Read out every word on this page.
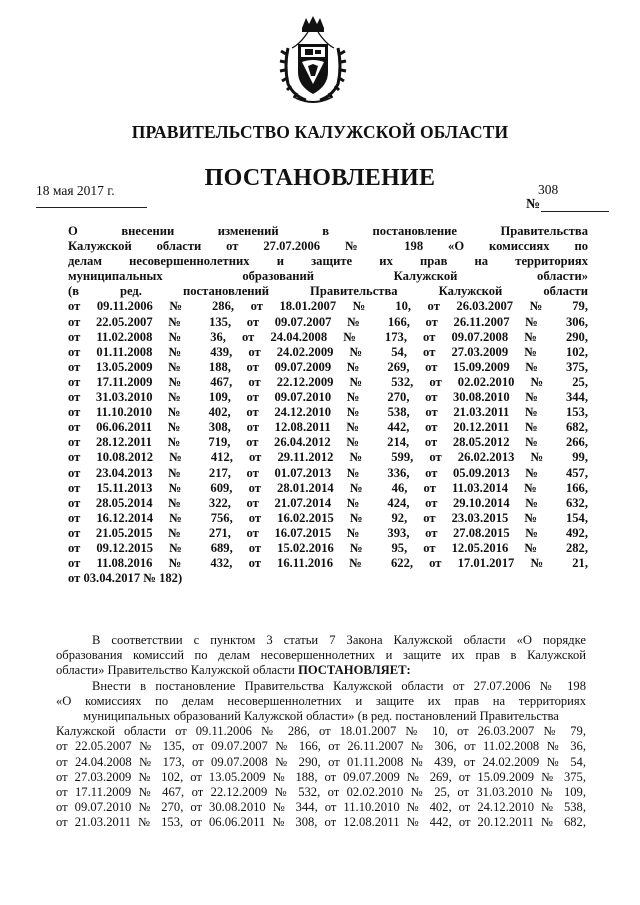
ПРАВИТЕЛЬСТВО КАЛУЖСКОЙ ОБЛАСТИ
18 мая 2017 г.	ПОСТАНОВЛЕНИЕ	308
№
О внесении изменений в постановление Правительства
Калужской области от 27.07.2006 № 198 «О комиссиях по
делам несовершеннолетних и защите их прав на территориях
муниципальных образований Калужской области»
(в ред. постановлений Правительства Калужской области
от 09.11.2006 № 286, от 18.01.2007 № 10, от 26.03.2007 № 79,
от 22.05.2007 № 135, от 09.07.2007 № 166, от 26.11.2007 № 306,
от 11.02.2008 № 36, от 24.04.2008 № 173, от 09.07.2008 № 290,
от 01.11.2008 № 439, от 24.02.2009 № 54, от 27.03.2009 № 102,
от 13.05.2009 № 188, от 09.07.2009 № 269, от 15.09.2009 № 375,
от 17.11.2009 № 467, от 22.12.2009 № 532, от 02.02.2010 № 25,
от 31.03.2010 № 109, от 09.07.2010 № 270, от 30.08.2010 № 344,
от 11.10.2010 № 402, от 24.12.2010 № 538, от 21.03.2011 № 153,
от 06.06.2011 № 308, от 12.08.2011 № 442, от 20.12.2011 № 682,
от 28.12.2011 № 719, от 26.04.2012 № 214, от 28.05.2012 № 266,
от 10.08.2012 № 412, от 29.11.2012 № 599, от 26.02.2013 № 99,
от 23.04.2013 № 217, от 01.07.2013 № 336, от 05.09.2013 № 457,
от 15.11.2013 № 609, от 28.01.2014 № 46, от 11.03.2014 № 166,
от 28.05.2014 № 322, от 21.07.2014 № 424, от 29.10.2014 № 632,
от 16.12.2014 № 756, от 16.02.2015 № 92, от 23.03.2015 № 154,
от 21.05.2015 № 271, от 16.07.2015 № 393, от 27.08.2015 № 492,
от 09.12.2015 № 689, от 15.02.2016 № 95, от 12.05.2016 № 282,
от 11.08.2016 № 432, от 16.11.2016 № 622, от 17.01.2017 № 21,
от 03.04.2017 № 182)
В соответствии с пунктом 3 статьи 7 Закона Калужской области «О порядке
образования комиссий по делам несовершеннолетних и защите их прав в Калужской
области» Правительство Калужской области ПОСТАНОВЛЯЕТ:
Внести в постановление Правительства Калужской области от 27.07.2006 № 198
«О комиссиях по делам несовершеннолетних и защите их прав на территориях
муниципальных образований Калужской области» (в ред. постановлений Правительства
Калужской области от 09.11.2006 № 286, от 18.01.2007 № 10, от 26.03.2007 № 79,
от 22.05.2007 № 135, от 09.07.2007 № 166, от 26.11.2007 № 306, от 11.02.2008 № 36,
от 24.04.2008 № 173, от 09.07.2008 № 290, от 01.11.2008 № 439, от 24.02.2009 № 54,
от 27.03.2009 № 102, от 13.05.2009 № 188, от 09.07.2009 № 269, от 15.09.2009 № 375,
от 17.11.2009 № 467, от 22.12.2009 № 532, от 02.02.2010 № 25, от 31.03.2010 № 109,
от 09.07.2010 № 270, от 30.08.2010 № 344, от 11.10.2010 № 402, от 24.12.2010 № 538,
от 21.03.2011 № 153, от 06.06.2011 № 308, от 12.08.2011 № 442, от 20.12.2011 № 682,
